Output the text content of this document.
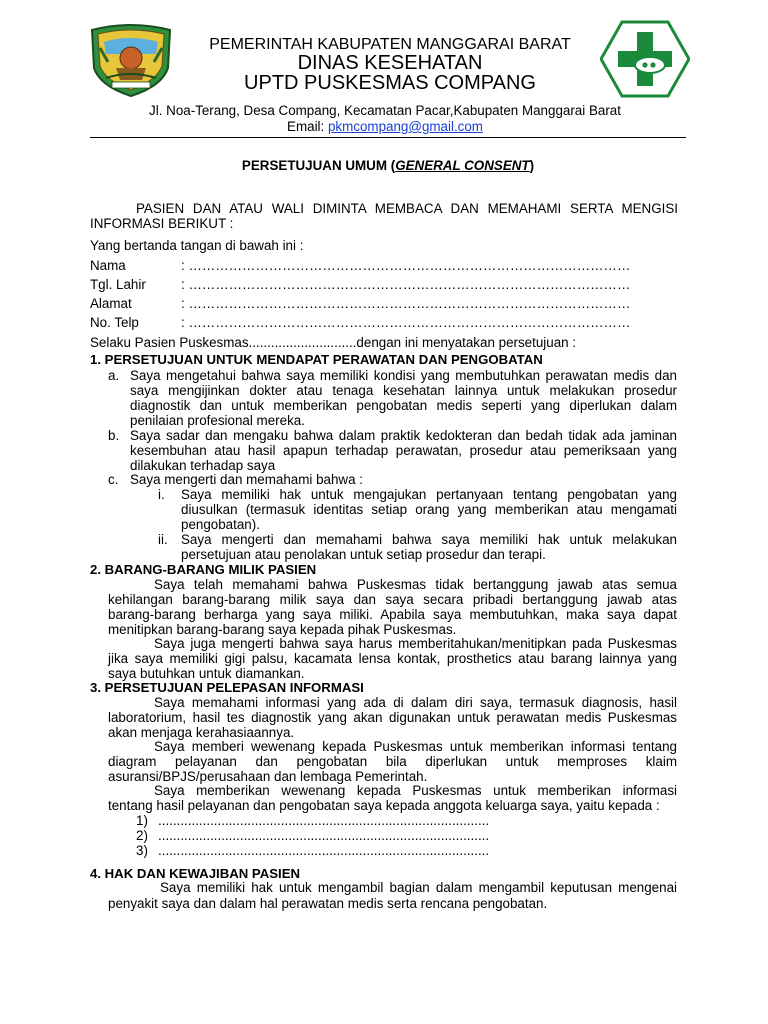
PEMERINTAH KABUPATEN MANGGARAI BARAT
DINAS KESEHATAN
UPTD PUSKESMAS COMPANG
Jl. Noa-Terang, Desa Compang, Kecamatan Pacar,Kabupaten Manggarai Barat
Email: pkmcompang@gmail.com
PERSETUJUAN UMUM (GENERAL CONSENT)
PASIEN DAN ATAU WALI DIMINTA MEMBACA DAN MEMAHAMI SERTA MENGISI
INFORMASI BERIKUT :
Yang bertanda tangan di bawah ini :
Nama	: ………………………………………………………………………………………
Tgl. Lahir	: ………………………………………………………………………………………
Alamat	: ………………………………………………………………………………………
No. Telp	: ………………………………………………………………………………………
Selaku Pasien Puskesmas.............................dengan ini menyatakan persetujuan :
1. PERSETUJUAN UNTUK MENDAPAT PERAWATAN DAN PENGOBATAN
a. Saya mengetahui bahwa saya memiliki kondisi yang membutuhkan perawatan medis dan
saya mengijinkan dokter atau tenaga kesehatan lainnya untuk melakukan prosedur
diagnostik dan untuk memberikan pengobatan medis seperti yang diperlukan dalam
penilaian profesional mereka.
b. Saya sadar dan mengaku bahwa dalam praktik kedokteran dan bedah tidak ada jaminan
kesembuhan atau hasil apapun terhadap perawatan, prosedur atau pemeriksaan yang
dilakukan terhadap saya
c. Saya mengerti dan memahami bahwa :
i. Saya memiliki hak untuk mengajukan pertanyaan tentang pengobatan yang
diusulkan (termasuk identitas setiap orang yang memberikan atau mengamati
pengobatan).
ii. Saya mengerti dan memahami bahwa saya memiliki hak untuk melakukan
persetujuan atau penolakan untuk setiap prosedur dan terapi.
2. BARANG-BARANG MILIK PASIEN
Saya telah memahami bahwa Puskesmas tidak bertanggung jawab atas semua
kehilangan barang-barang milik saya dan saya secara pribadi bertanggung jawab atas
barang-barang berharga yang saya miliki. Apabila saya membutuhkan, maka saya dapat
menitipkan barang-barang saya kepada pihak Puskesmas.
Saya juga mengerti bahwa saya harus memberitahukan/menitipkan pada Puskesmas
jika saya memiliki gigi palsu, kacamata lensa kontak, prosthetics atau barang lainnya yang
saya butuhkan untuk diamankan.
3. PERSETUJUAN PELEPASAN INFORMASI
Saya memahami informasi yang ada di dalam diri saya, termasuk diagnosis, hasil
laboratorium, hasil tes diagnostik yang akan digunakan untuk perawatan medis Puskesmas
akan menjaga kerahasiaannya.
Saya memberi wewenang kepada Puskesmas untuk memberikan informasi tentang
diagram pelayanan dan pengobatan bila diperlukan untuk memproses klaim
asuransi/BPJS/perusahaan dan lembaga Pemerintah.
Saya memberikan wewenang kepada Puskesmas untuk memberikan informasi
tentang hasil pelayanan dan pengobatan saya kepada anggota keluarga saya, yaitu kepada :
1) .........................................................................................
2) .........................................................................................
3) .........................................................................................
4. HAK DAN KEWAJIBAN PASIEN
Saya memiliki hak untuk mengambil bagian dalam mengambil keputusan mengenai
penyakit saya dan dalam hal perawatan medis serta rencana pengobatan.
